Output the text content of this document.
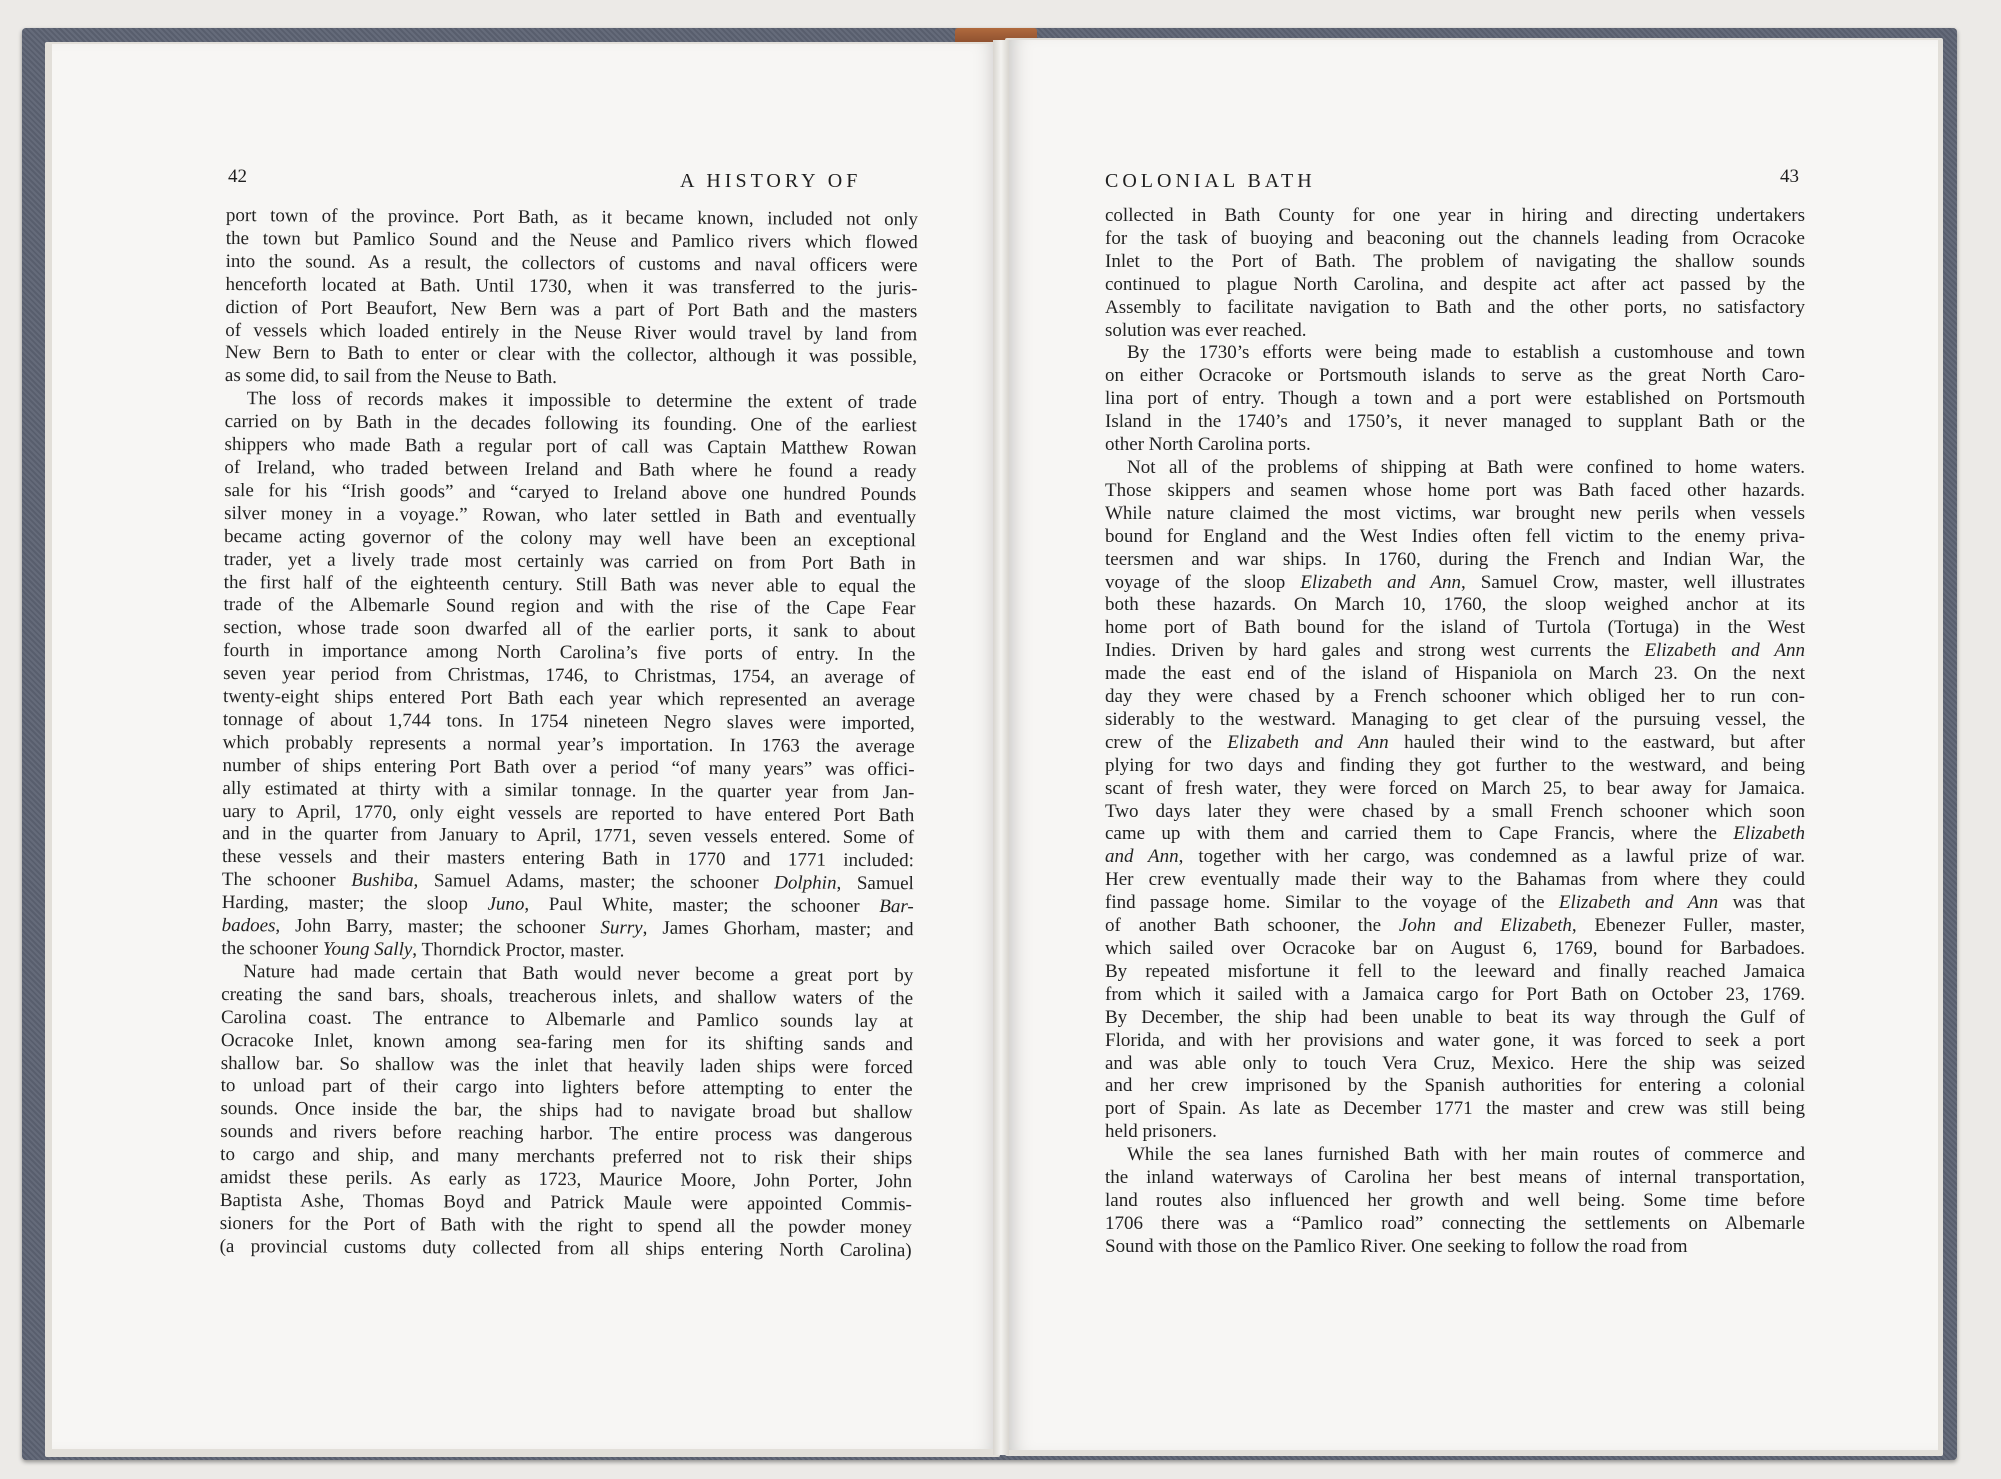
42	A HISTORY OF	COLONIAL BATH	43
port town of the province. Port Bath, as it became known, included not only
the town but Pamlico Sound and the Neuse and Pamlico rivers which flowed
into the sound. As a result, the collectors of customs and naval officers were
henceforth located at Bath. Until 1730, when it was transferred to the juris-
diction of Port Beaufort, New Bern was a part of Port Bath and the masters
of vessels which loaded entirely in the Neuse River would travel by land from
New Bern to Bath to enter or clear with the collector, although it was possible,
as some did, to sail from the Neuse to Bath.
The loss of records makes it impossible to determine the extent of trade
carried on by Bath in the decades following its founding. One of the earliest
shippers who made Bath a regular port of call was Captain Matthew Rowan
of Ireland, who traded between Ireland and Bath where he found a ready
sale for his “Irish goods” and “caryed to Ireland above one hundred Pounds
silver money in a voyage.” Rowan, who later settled in Bath and eventually
became acting governor of the colony may well have been an exceptional
trader, yet a lively trade most certainly was carried on from Port Bath in
the first half of the eighteenth century. Still Bath was never able to equal the
trade of the Albemarle Sound region and with the rise of the Cape Fear
section, whose trade soon dwarfed all of the earlier ports, it sank to about
fourth in importance among North Carolina’s five ports of entry. In the
seven year period from Christmas, 1746, to Christmas, 1754, an average of
twenty-eight ships entered Port Bath each year which represented an average
tonnage of about 1,744 tons. In 1754 nineteen Negro slaves were imported,
which probably represents a normal year’s importation. In 1763 the average
number of ships entering Port Bath over a period “of many years” was offici-
ally estimated at thirty with a similar tonnage. In the quarter year from Jan-
uary to April, 1770, only eight vessels are reported to have entered Port Bath
and in the quarter from January to April, 1771, seven vessels entered. Some of
these vessels and their masters entering Bath in 1770 and 1771 included:
The schooner Bushiba, Samuel Adams, master; the schooner Dolphin, Samuel
Harding, master; the sloop Juno, Paul White, master; the schooner Bar-
badoes, John Barry, master; the schooner Surry, James Ghorham, master; and
the schooner Young Sally, Thorndick Proctor, master.
Nature had made certain that Bath would never become a great port by
creating the sand bars, shoals, treacherous inlets, and shallow waters of the
Carolina coast. The entrance to Albemarle and Pamlico sounds lay at
Ocracoke Inlet, known among sea-faring men for its shifting sands and
shallow bar. So shallow was the inlet that heavily laden ships were forced
to unload part of their cargo into lighters before attempting to enter the
sounds. Once inside the bar, the ships had to navigate broad but shallow
sounds and rivers before reaching harbor. The entire process was dangerous
to cargo and ship, and many merchants preferred not to risk their ships
amidst these perils. As early as 1723, Maurice Moore, John Porter, John
Baptista Ashe, Thomas Boyd and Patrick Maule were appointed Commis-
sioners for the Port of Bath with the right to spend all the powder money
(a provincial customs duty collected from all ships entering North Carolina)
collected in Bath County for one year in hiring and directing undertakers
for the task of buoying and beaconing out the channels leading from Ocracoke
Inlet to the Port of Bath. The problem of navigating the shallow sounds
continued to plague North Carolina, and despite act after act passed by the
Assembly to facilitate navigation to Bath and the other ports, no satisfactory
solution was ever reached.
By the 1730’s efforts were being made to establish a customhouse and town
on either Ocracoke or Portsmouth islands to serve as the great North Caro-
lina port of entry. Though a town and a port were established on Portsmouth
Island in the 1740’s and 1750’s, it never managed to supplant Bath or the
other North Carolina ports.
Not all of the problems of shipping at Bath were confined to home waters.
Those skippers and seamen whose home port was Bath faced other hazards.
While nature claimed the most victims, war brought new perils when vessels
bound for England and the West Indies often fell victim to the enemy priva-
teersmen and war ships. In 1760, during the French and Indian War, the
voyage of the sloop Elizabeth and Ann, Samuel Crow, master, well illustrates
both these hazards. On March 10, 1760, the sloop weighed anchor at its
home port of Bath bound for the island of Turtola (Tortuga) in the West
Indies. Driven by hard gales and strong west currents the Elizabeth and Ann
made the east end of the island of Hispaniola on March 23. On the next
day they were chased by a French schooner which obliged her to run con-
siderably to the westward. Managing to get clear of the pursuing vessel, the
crew of the Elizabeth and Ann hauled their wind to the eastward, but after
plying for two days and finding they got further to the westward, and being
scant of fresh water, they were forced on March 25, to bear away for Jamaica.
Two days later they were chased by a small French schooner which soon
came up with them and carried them to Cape Francis, where the Elizabeth
and Ann, together with her cargo, was condemned as a lawful prize of war.
Her crew eventually made their way to the Bahamas from where they could
find passage home. Similar to the voyage of the Elizabeth and Ann was that
of another Bath schooner, the John and Elizabeth, Ebenezer Fuller, master,
which sailed over Ocracoke bar on August 6, 1769, bound for Barbadoes.
By repeated misfortune it fell to the leeward and finally reached Jamaica
from which it sailed with a Jamaica cargo for Port Bath on October 23, 1769.
By December, the ship had been unable to beat its way through the Gulf of
Florida, and with her provisions and water gone, it was forced to seek a port
and was able only to touch Vera Cruz, Mexico. Here the ship was seized
and her crew imprisoned by the Spanish authorities for entering a colonial
port of Spain. As late as December 1771 the master and crew was still being
held prisoners.
While the sea lanes furnished Bath with her main routes of commerce and
the inland waterways of Carolina her best means of internal transportation,
land routes also influenced her growth and well being. Some time before
1706 there was a “Pamlico road” connecting the settlements on Albemarle
Sound with those on the Pamlico River. One seeking to follow the road from
